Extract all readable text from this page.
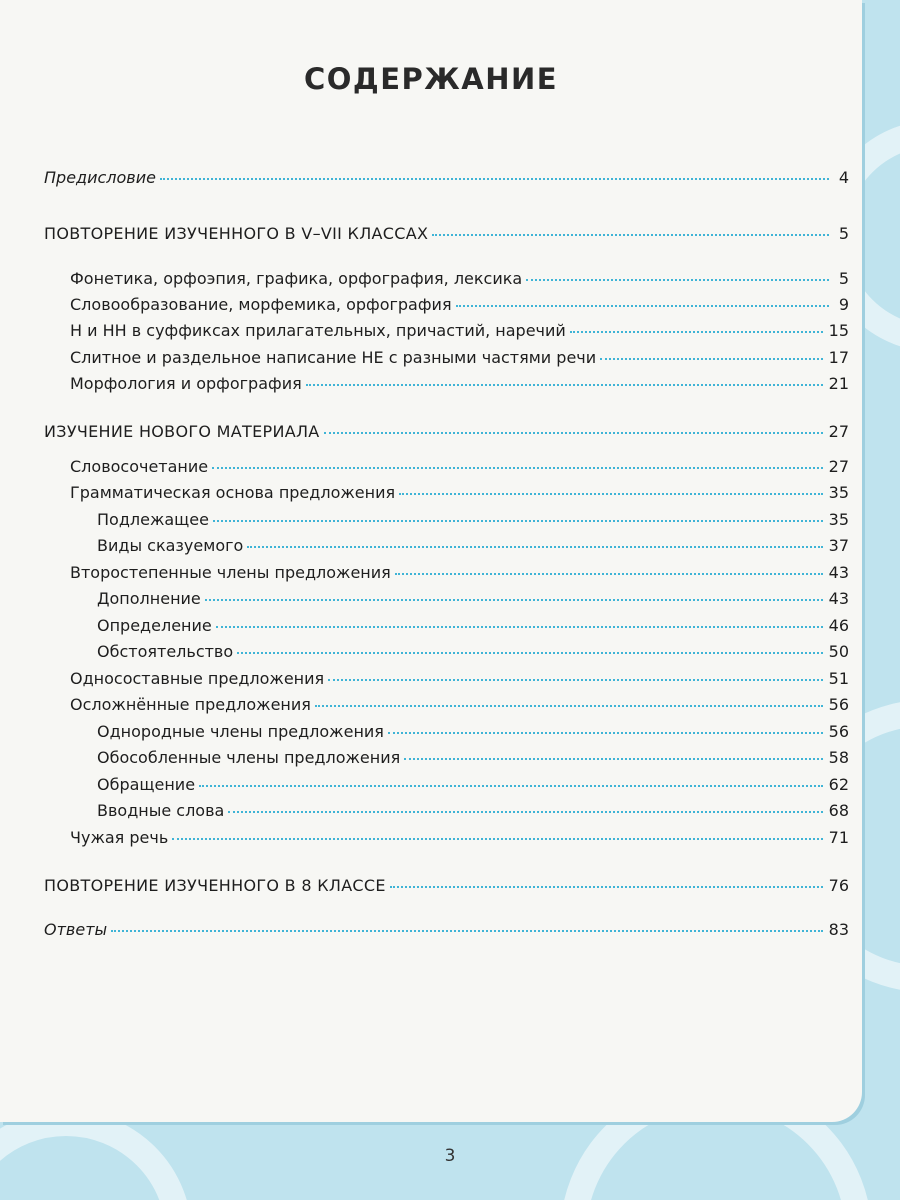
СОДЕРЖАНИЕ
Предисловие	4
ПОВТОРЕНИЕ ИЗУЧЕННОГО В V–VII КЛАССАХ	5
Фонетика, орфоэпия, графика, орфография, лексика	5
Словообразование, морфемика, орфография	9
Н и НН в суффиксах прилагательных, причастий, наречий	15
Слитное и раздельное написание НЕ с разными частями речи	17
Морфология и орфография	21
ИЗУЧЕНИЕ НОВОГО МАТЕРИАЛА	27
Словосочетание	27
Грамматическая основа предложения	35
Подлежащее	35
Виды сказуемого	37
Второстепенные члены предложения	43
Дополнение	43
Определение	46
Обстоятельство	50
Односоставные предложения	51
Осложнённые предложения	56
Однородные члены предложения	56
Обособленные члены предложения	58
Обращение	62
Вводные слова	68
Чужая речь	71
ПОВТОРЕНИЕ ИЗУЧЕННОГО В 8 КЛАССЕ	76
Ответы	83
3
